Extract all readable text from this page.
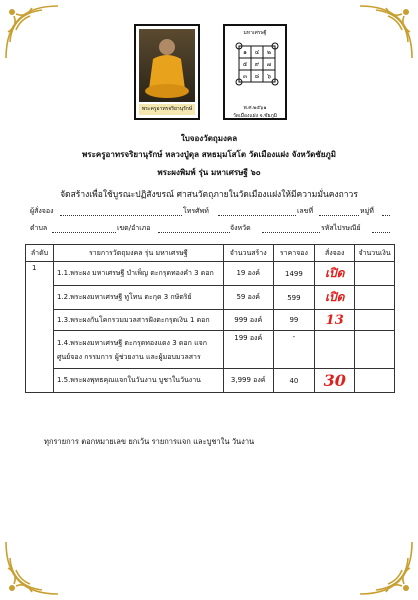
พระครูอาทรจริยานุรักษ์
มหาเศรษฐี
๑ ๔ ๒
๕ ๙ ๗
๓ ๘ ๖
พ.ศ.๒๕๖๑
วัดเมืองแฝง จ.ชัยภูมิ
ใบจองวัตถุมงคล
พระครูอาทรจริยานุรักษ์ หลวงปู่ดุล สหธมฺมโสโต วัดเมืองแฝง จังหวัดชัยภูมิ
พระผงพิมพ์ รุ่น มหาเศรษฐี ๖๐
จัดสร้างเพื่อใช้บูรณะปฏิสังขรณ์ ศาสนวัตถุภายในวัดเมืองแฝงให้มีความมั่นคงถาวร
ผู้สั่งจอง	โทรศัพท์	เลขที่	หมู่ที่
ตำบล	เขต/อำเภอ	จังหวัด	รหัสไปรษณีย์
ลำดับ	รายการวัตถุมงคล รุ่น มหาเศรษฐี	จำนวนสร้าง	ราคาจอง	สั่งจอง	จำนวนเงิน
1	1.1.พระผง มหาเศรษฐี บำเพ็ญ ตะกรุดทองคำ 3 ดอก	19 องค์	1499	เปิด	
	1.2.พระผงมหาเศรษฐี ทูโทน ตะกุด 3 กษัตริย์	59 องค์	599	เปิด	
	1.3.พระผงกันโคกรวมมวลสารฝังตะกรุดเงิน 1 ดอก	999 องค์	99	13	

	1.4.พระผงมหาเศรษฐี ตะกรุดทองแดง 3 ดอก แจก
ศูนย์จอง กรรมการ ผู้ช่วยงาน และผู้มอบมวลสาร	199 องค์	-		
	1.5.พระผงพุทธคุณแจกในวันงาน บูชาในวันงาน	3,999 องค์	40	30	
ทุกรายการ ตอกหมายเลข ยกเว้น รายการแจก และบูชาใน วันงาน
